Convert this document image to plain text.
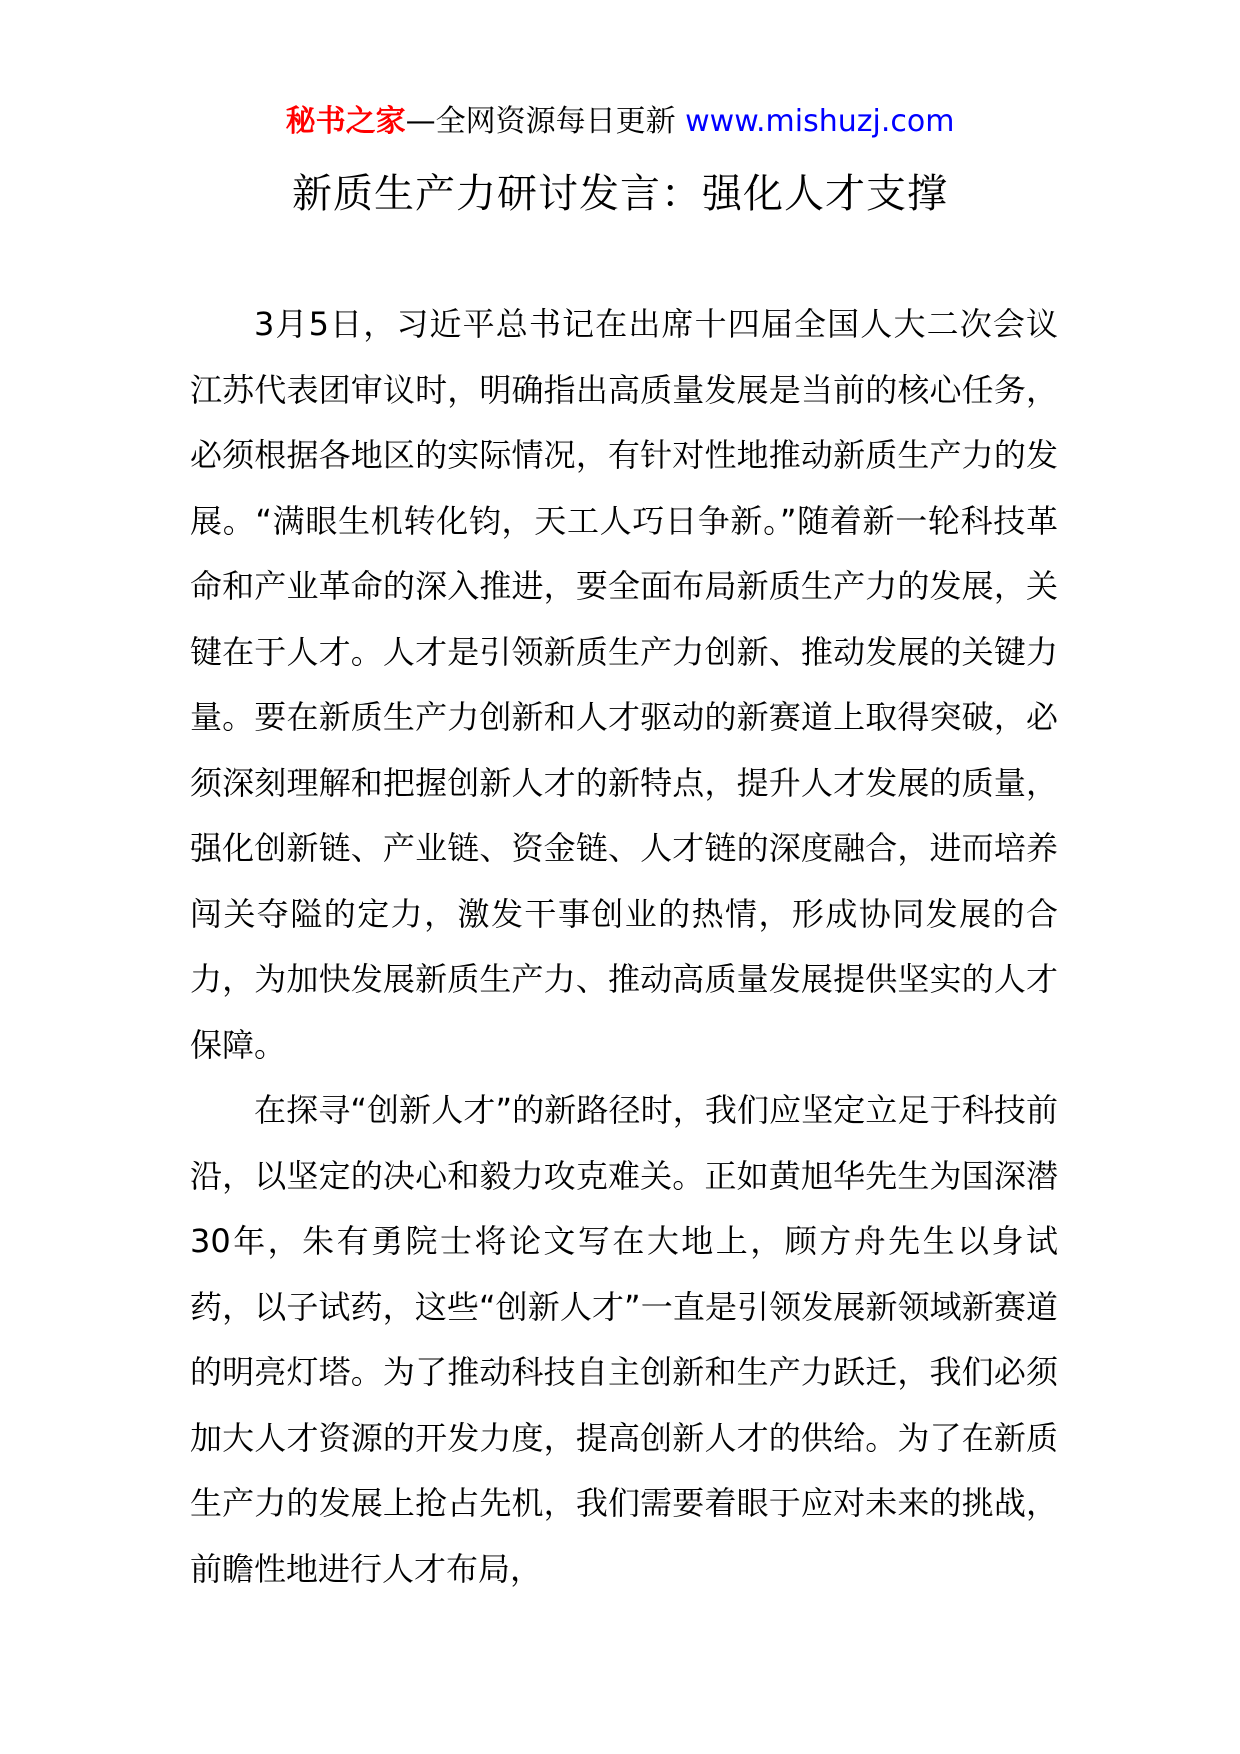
秘书之家—全网资源每日更新 www.mishuzj.com
新质生产力研讨发言：强化人才支撑

3月5日，习近平总书记在出席十四届全国人大二次会议江苏代表团审议时，明确指出高质量发展是当前的核心任务，必须根据各地区的实际情况，有针对性地推动新质生产力的发展。“满眼生机转化钧，天工人巧日争新。”随着新一轮科技革命和产业革命的深入推进，要全面布局新质生产力的发展，关键在于人才。人才是引领新质生产力创新、推动发展的关键力量。要在新质生产力创新和人才驱动的新赛道上取得突破，必须深刻理解和把握创新人才的新特点，提升人才发展的质量，强化创新链、产业链、资金链、人才链的深度融合，进而培养闯关夺隘的定力，激发干事创业的热情，形成协同发展的合力，为加快发展新质生产力、推动高质量发展提供坚实的人才保障。

在探寻“创新人才”的新路径时，我们应坚定立足于科技前沿，以坚定的决心和毅力攻克难关。正如黄旭华先生为国深潜30年，朱有勇院士将论文写在大地上，顾方舟先生以身试药，以子试药，这些“创新人才”一直是引领发展新领域新赛道的明亮灯塔。为了推动科技自主创新和生产力跃迁，我们必须加大人才资源的开发力度，提高创新人才的供给。为了在新质生产力的发展上抢占先机，我们需要着眼于应对未来的挑战，前瞻性地进行人才布局，
